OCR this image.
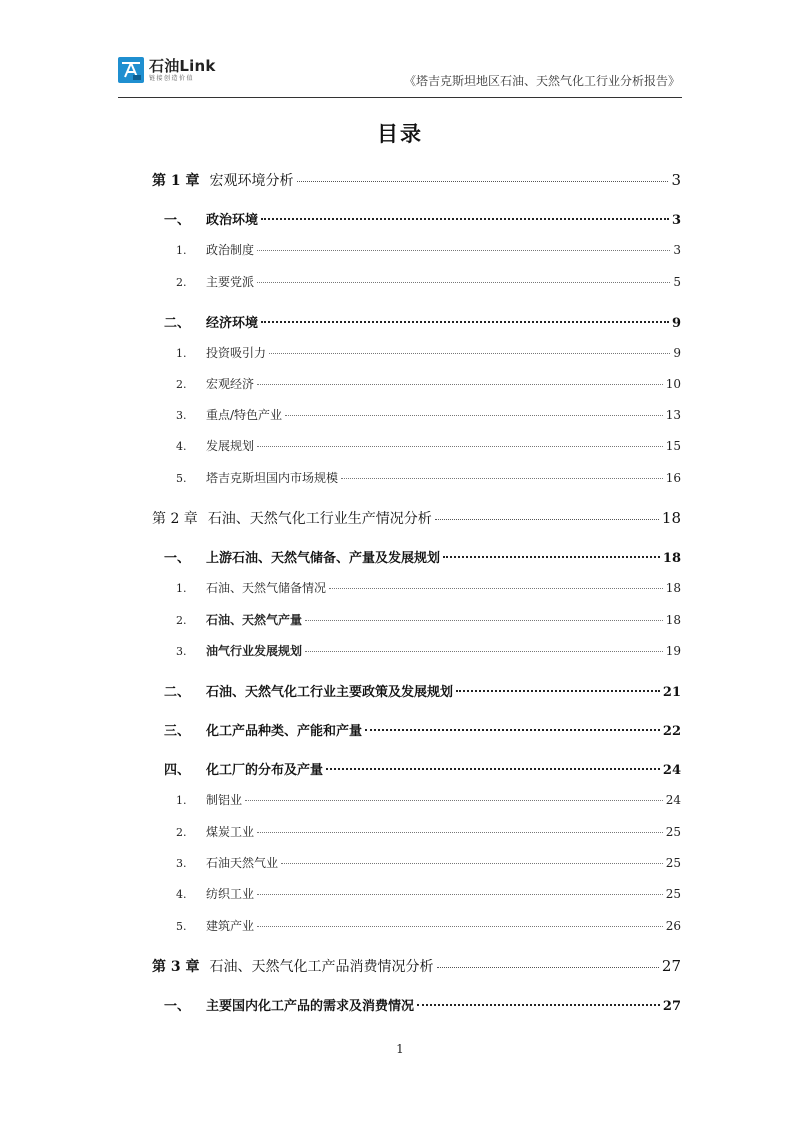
石油Link
链接创造价值	《塔吉克斯坦地区石油、天然气化工行业分析报告》
目录
第 1 章 宏观环境分析	3
一、	政治环境	3
1.	政治制度	3
2.	主要党派	5
二、	经济环境	9
1.	投资吸引力	9
2.	宏观经济	10
3.	重点/特色产业	13
4.	发展规划	15
5.	塔吉克斯坦国内市场规模	16
第 2 章 石油、天然气化工行业生产情况分析	18
一、	上游石油、天然气储备、产量及发展规划	18
1.	石油、天然气储备情况	18
2.	石油、天然气产量	18
3.	油气行业发展规划	19
二、	石油、天然气化工行业主要政策及发展规划	21
三、	化工产品种类、产能和产量	22
四、	化工厂的分布及产量	24
1.	制铝业	24
2.	煤炭工业	25
3.	石油天然气业	25
4.	纺织工业	25
5.	建筑产业	26
第 3 章 石油、天然气化工产品消费情况分析	27
一、	主要国内化工产品的需求及消费情况	27
1
